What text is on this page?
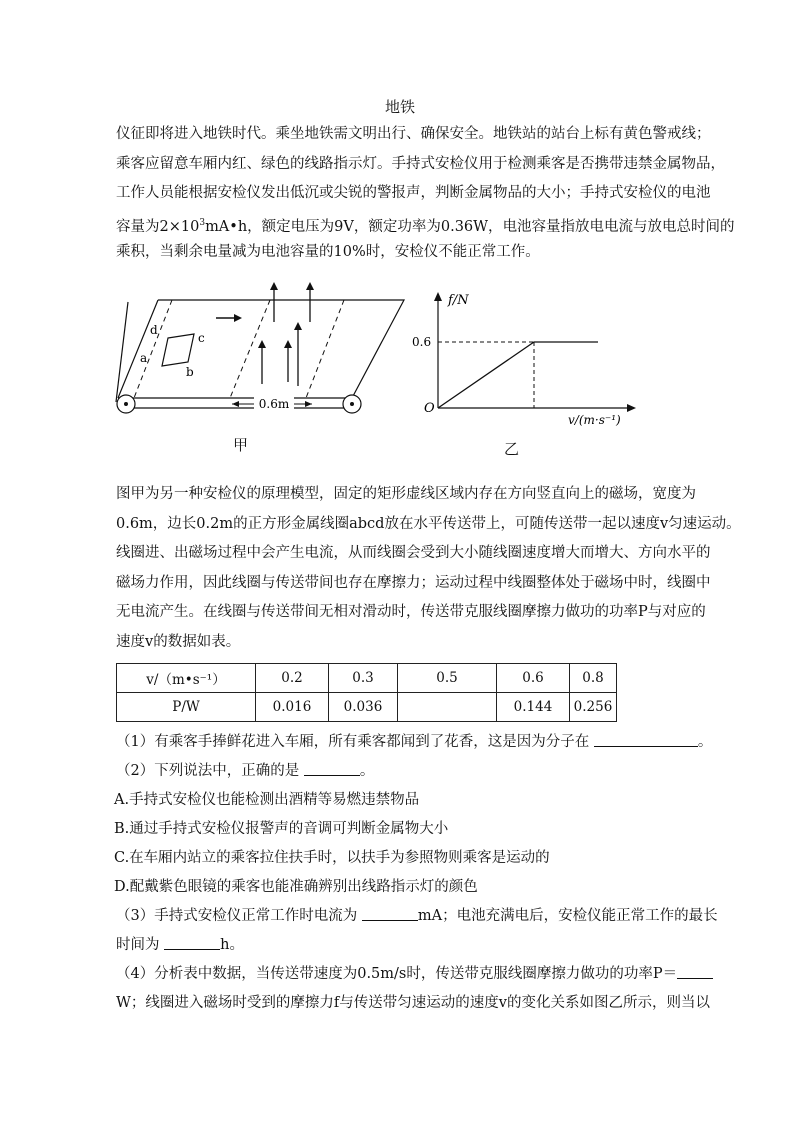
地铁
仪征即将进入地铁时代。乘坐地铁需文明出行、确保安全。地铁站的站台上标有黄色警戒线；
乘客应留意车厢内红、绿色的线路指示灯。手持式安检仪用于检测乘客是否携带违禁金属物品，
工作人员能根据安检仪发出低沉或尖锐的警报声，判断金属物品的大小；手持式安检仪的电池
容量为$2\times 10^3mA•h$，额定电压为9V，额定功率为0.36W，电池容量指放电电流与放电总时间的
乘积，当剩余电量减为电池容量的10%时，安检仪不能正常工作。
a
b
c
d
0.6m
甲
f/N
v/(m·s⁻¹)
O
0.6
乙
图甲为另一种安检仪的原理模型，固定的矩形虚线区域内存在方向竖直向上的磁场，宽度为
0.6m，边长0.2m的正方形金属线圈abcd放在水平传送带上，可随传送带一起以速度v匀速运动。
线圈进、出磁场过程中会产生电流，从而线圈会受到大小随线圈速度增大而增大、方向水平的
磁场力作用，因此线圈与传送带间也存在摩擦力；运动过程中线圈整体处于磁场中时，线圈中
无电流产生。在线圈与传送带间无相对滑动时，传送带克服线圈摩擦力做功的功率P与对应的
速度v的数据如表。
v/（m•s⁻¹）	0.2	0.3	0.5	0.6	0.8
P/W	0.016	0.036		0.144	0.256
（1）有乘客手捧鲜花进入车厢，所有乘客都闻到了花香，这是因为分子在	。
（2）下列说法中，正确的是	。
A.手持式安检仪也能检测出酒精等易燃违禁物品
B.通过手持式安检仪报警声的音调可判断金属物大小
C.在车厢内站立的乘客拉住扶手时，以扶手为参照物则乘客是运动的
D.配戴紫色眼镜的乘客也能准确辨别出线路指示灯的颜色
（3）手持式安检仪正常工作时电流为	mA；电池充满电后，安检仪能正常工作的最长
时间为	h。
（4）分析表中数据，当传送带速度为0.5m/s时，传送带克服线圈摩擦力做功的功率P＝
W；线圈进入磁场时受到的摩擦力f与传送带匀速运动的速度v的变化关系如图乙所示，则当以
